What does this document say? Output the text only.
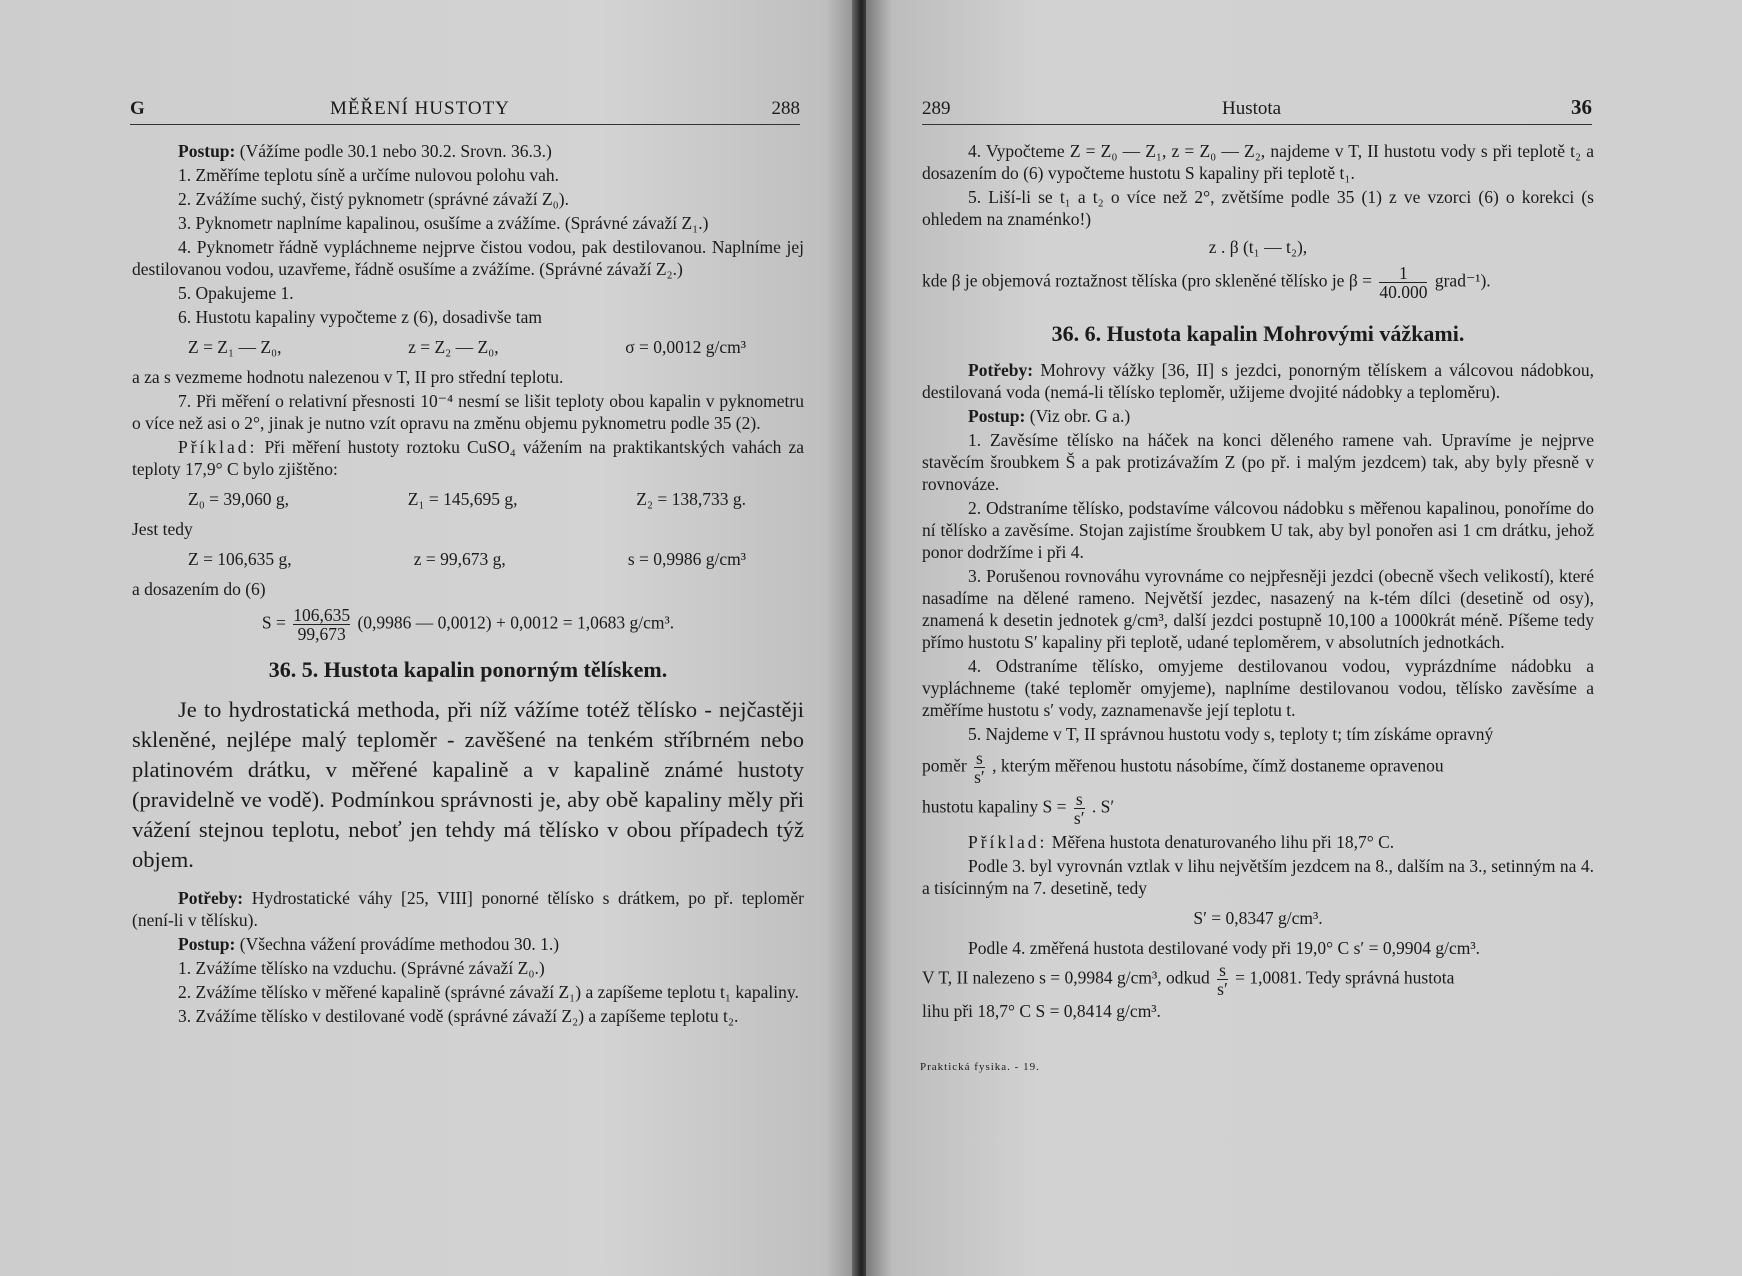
G	MĚŘENÍ HUSTOTY	288

Postup: (Vážíme podle 30.1 nebo 30.2. Srovn. 36.3.)

1. Změříme teplotu síně a určíme nulovou polohu vah.

2. Zvážíme suchý, čistý pyknometr (správné závaží Z₀).

3. Pyknometr naplníme kapalinou, osušíme a zvážíme. (Správné závaží Z₁.)

4. Pyknometr řádně vypláchneme nejprve čistou vodou, pak destilovanou. Naplníme jej destilovanou vodou, uzavřeme, řádně osušíme a zvážíme. (Správné závaží Z₂.)

5. Opakujeme 1.

6. Hustotu kapaliny vypočteme z (6), dosadivše tam

Z = Z₁ — Z₀,	z = Z₂ — Z₀,	σ = 0,0012 g/cm³

a za s vezmeme hodnotu nalezenou v T, II pro střední teplotu.

7. Při měření o relativní přesnosti 10⁻⁴ nesmí se lišit teploty obou kapalin v pyknometru o více než asi o 2°, jinak je nutno vzít opravu na změnu objemu pyknometru podle 35 (2).

Příklad: Při měření hustoty roztoku CuSO₄ vážením na praktikantských vahách za teploty 17,9° C bylo zjištěno:

Z₀ = 39,060 g,	Z₁ = 145,695 g,	Z₂ = 138,733 g.

Jest tedy

Z = 106,635 g,	z = 99,673 g,	s = 0,9986 g/cm³

a dosazením do (6)

$S = \frac{106,635}{99,673} (0,9986$ — 0,0012) + 0,0012 = 1,0683 g/cm³.
36. 5. Hustota kapalin ponorným tělískem.

Je to hydrostatická methoda, při níž vážíme totéž tělísko - nejčastěji skleněné, nejlépe malý teploměr - zavěšené na tenkém stříbrném nebo platinovém drátku, v měřené kapalině a v kapalině známé hustoty (pravidelně ve vodě). Podmínkou správnosti je, aby obě kapaliny měly při vážení stejnou teplotu, neboť jen tehdy má tělísko v obou případech týž objem.

Potřeby: Hydrostatické váhy [25, VIII] ponorné tělísko s drátkem, po př. teploměr (není-li v tělísku).

Postup: (Všechna vážení provádíme methodou 30. 1.)

1. Zvážíme tělísko na vzduchu. (Správné závaží Z₀.)

2. Zvážíme tělísko v měřené kapalině (správné závaží Z₁) a zapíšeme teplotu t₁ kapaliny.

3. Zvážíme tělísko v destilované vodě (správné závaží Z₂) a zapíšeme teplotu t₂.

289	Hustota	36

4. Vypočteme Z = Z₀ — Z₁, z = Z₀ — Z₂, najdeme v T, II hustotu vody s při teplotě t₂ a dosazením do (6) vypočteme hustotu S kapaliny při teplotě t₁.

5. Liší-li se t₁ a t₂ o více než 2°, zvětšíme podle 35 (1) z ve vzorci (6) o korekci (s ohledem na znaménko!)

z . β (t₁ — t₂),

kde β je objemová roztažnost tělíska (pro skleněné tělísko je $\beta = \frac{1}{40.000}$ grad⁻¹).

36. 6. Hustota kapalin Mohrovými vážkami.

Potřeby: Mohrovy vážky [36, II] s jezdci, ponorným tělískem a válcovou nádobkou, destilovaná voda (nemá-li tělísko teploměr, užijeme dvojité nádobky a teploměru).

Postup: (Viz obr. G a.)

1. Zavěsíme tělísko na háček na konci děleného ramene vah. Upravíme je nejprve stavěcím šroubkem Š a pak protizávažím Z (po př. i malým jezdcem) tak, aby byly přesně v rovnováze.

2. Odstraníme tělísko, podstavíme válcovou nádobku s měřenou kapalinou, ponoříme do ní tělísko a zavěsíme. Stojan zajistíme šroubkem U tak, aby byl ponořen asi 1 cm drátku, jehož ponor dodržíme i při 4.

3. Porušenou rovnováhu vyrovnáme co nejpřesněji jezdci (obecně všech velikostí), které nasadíme na dělené rameno. Největší jezdec, nasazený na k-tém dílci (desetině od osy), znamená k desetin jednotek g/cm³, další jezdci postupně 10,100 a 1000krát méně. Píšeme tedy přímo hustotu S′ kapaliny při teplotě, udané teploměrem, v absolutních jednotkách.

4. Odstraníme tělísko, omyjeme destilovanou vodou, vyprázdníme nádobku a vypláchneme (také teploměr omyjeme), naplníme destilovanou vodou, tělísko zavěsíme a změříme hustotu s′ vody, zaznamenavše její teplotu t.

5. Najdeme v T, II správnou hustotu vody s, teploty t; tím získáme opravný

poměr $\frac{s}{s'}$ , kterým měřenou hustotu násobíme, čímž dostaneme opravenou

hustotu kapaliny $S = \frac{s}{s'}$ . S′

Příklad: Měřena hustota denaturovaného lihu při 18,7° C.

Podle 3. byl vyrovnán vztlak v lihu největším jezdcem na 8., dalším na 3., setinným na 4. a tisícinným na 7. desetině, tedy

S′ = 0,8347 g/cm³.

Podle 4. změřená hustota destilované vody při 19,0° C s′ = 0,9904 g/cm³.

V T, II nalezeno s = 0,9984 g/cm³, odkud $\frac{s}{s'} = 1,0081$. Tedy správná hustota

lihu při 18,7° C S = 0,8414 g/cm³.

Praktická fysika. - 19.
